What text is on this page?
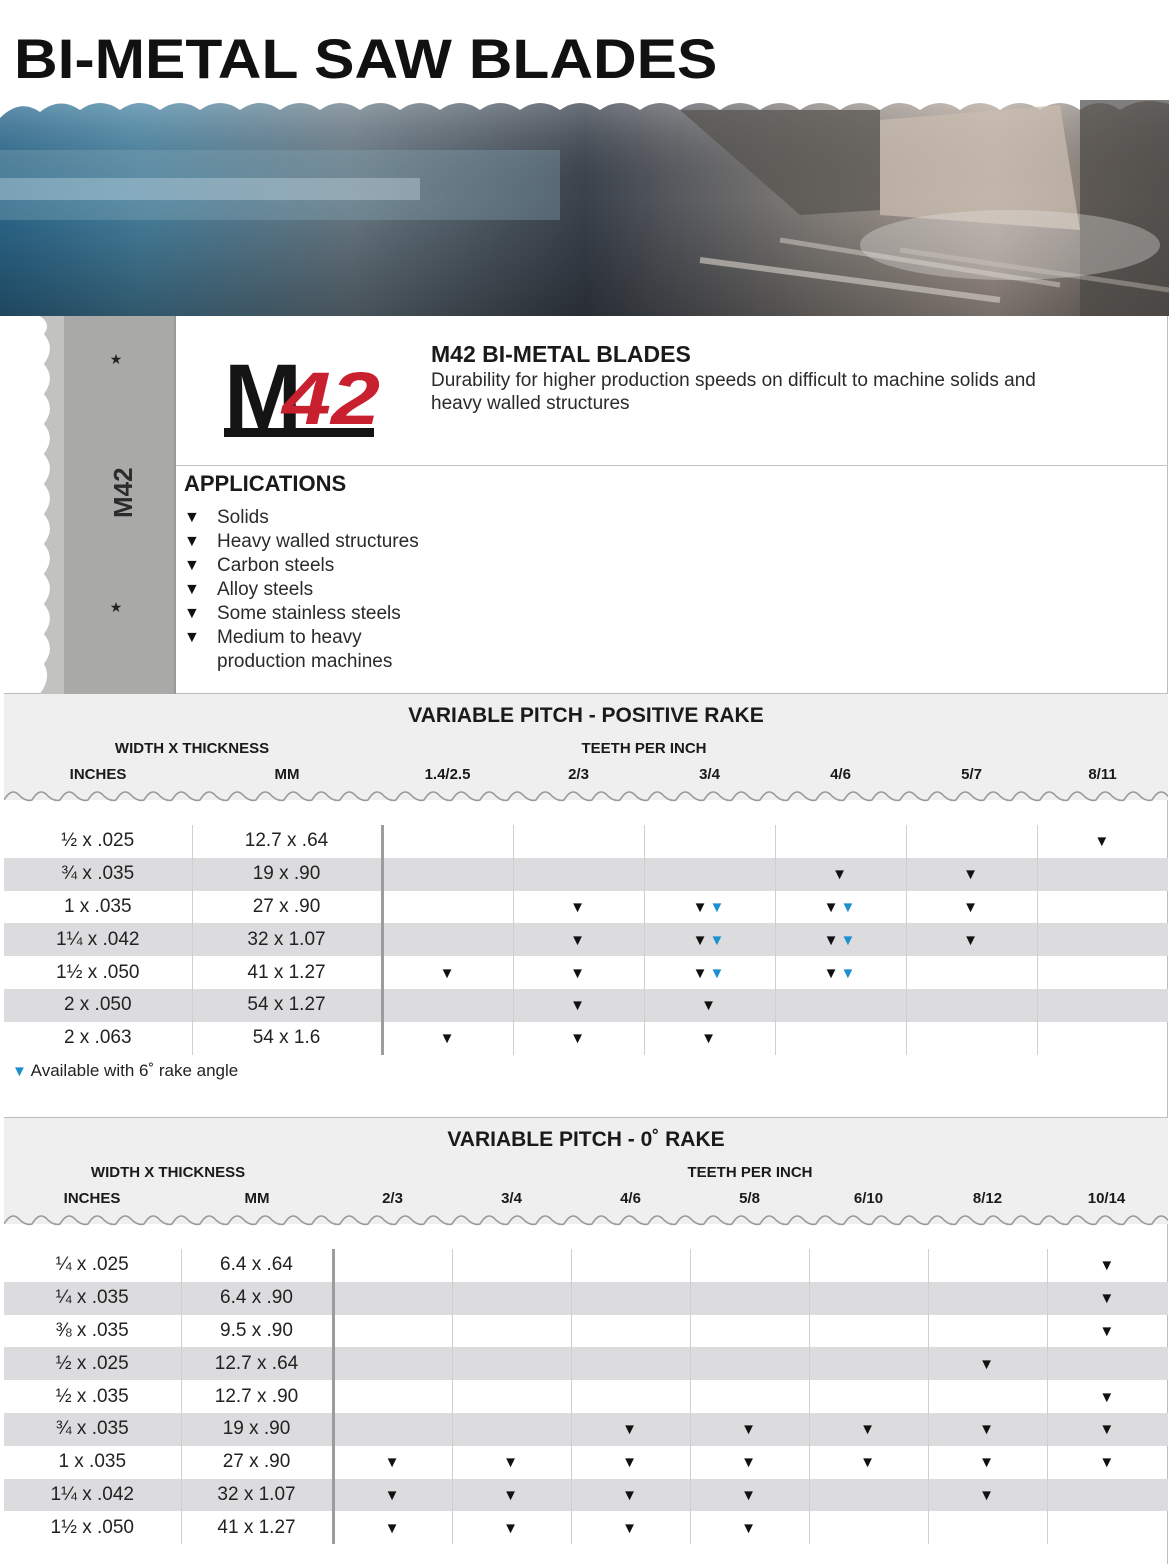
BI-METAL SAW BLADES
★
★
M42
M
42
M42 BI-METAL BLADES
Durability for higher production speeds on difficult to machine solids and heavy walled structures
APPLICATIONS
▼ Solids
▼ Heavy walled structures
▼ Carbon steels
▼ Alloy steels
▼ Some stainless steels
▼ Medium to heavy production machines
VARIABLE PITCH - POSITIVE RAKE
WIDTH X THICKNESS	TEETH PER INCH
INCHES	MM	1.4/2.5	2/3	3/4	4/6	5/7	8/11
½ x .025	12.7 x .64						▼
¾ x .035	19 x .90				▼	▼	
1 x .035	27 x .90		▼	▼▼	▼▼	▼	
1¼ x .042	32 x 1.07		▼	▼▼	▼▼	▼	
1½ x .050	41 x 1.27	▼	▼	▼▼	▼▼		
2 x .050	54 x 1.27		▼	▼			
2 x .063	54 x 1.6	▼	▼	▼			
▼ Available with 6˚ rake angle
VARIABLE PITCH - 0˚ RAKE
WIDTH X THICKNESS	TEETH PER INCH
INCHES	MM	2/3	3/4	4/6	5/8	6/10	8/12	10/14
¼ x .025	6.4 x .64							▼
¼ x .035	6.4 x .90							▼
⅜ x .035	9.5 x .90							▼
½ x .025	12.7 x .64						▼	
½ x .035	12.7 x .90							▼
¾ x .035	19 x .90			▼	▼	▼	▼	▼
1 x .035	27 x .90	▼	▼	▼	▼	▼	▼	▼
1¼ x .042	32 x 1.07	▼	▼	▼	▼		▼	
1½ x .050	41 x 1.27	▼	▼	▼	▼			
